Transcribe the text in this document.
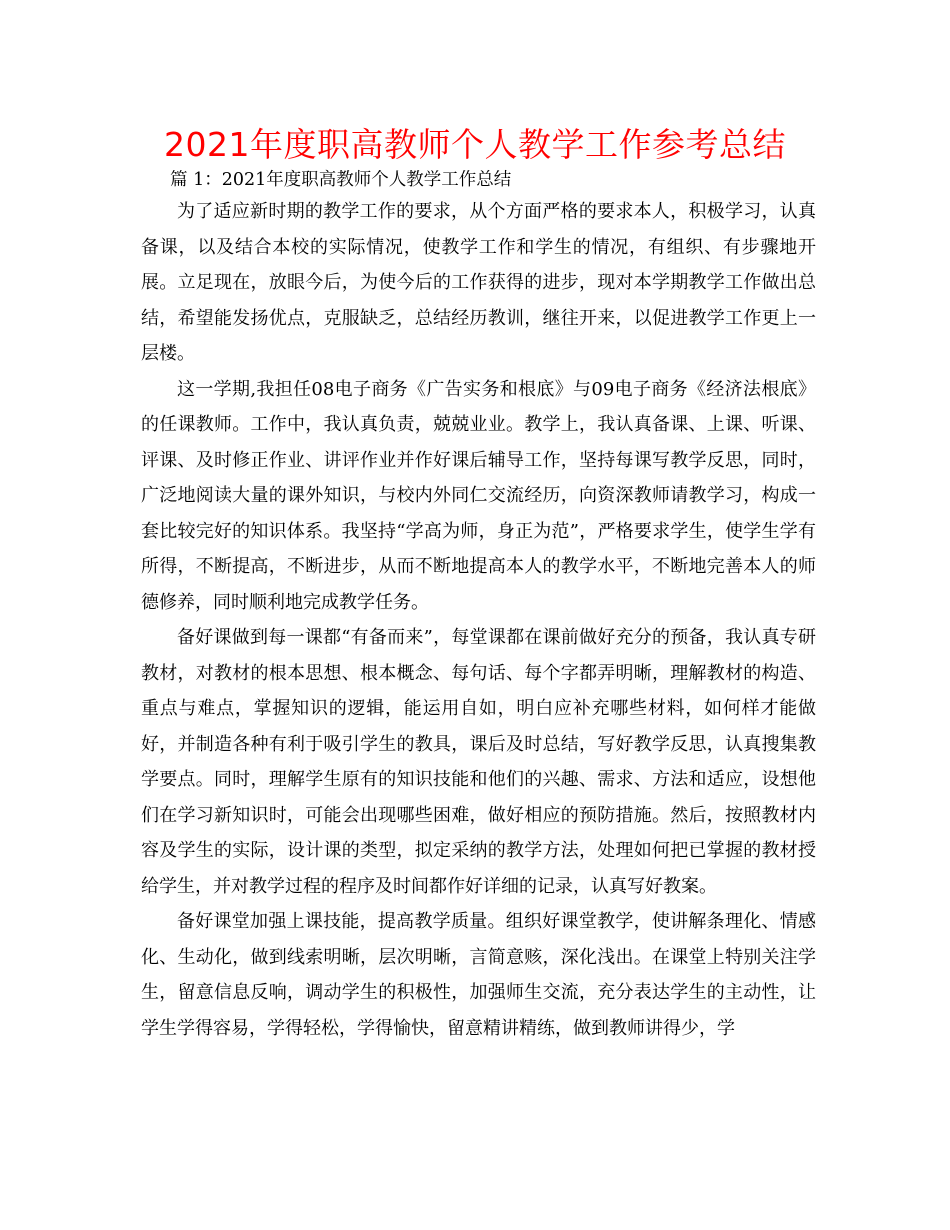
2021年度职高教师个人教学工作参考总结
篇 1：2021年度职高教师个人教学工作总结

为了适应新时期的教学工作的要求，从个方面严格的要求本人，积极学习，认真备课，以及结合本校的实际情况，使教学工作和学生的情况，有组织、有步骤地开展。立足现在，放眼今后，为使今后的工作获得的进步，现对本学期教学工作做出总结，希望能发扬优点，克服缺乏，总结经历教训，继往开来，以促进教学工作更上一层楼。

这一学期,我担任08电子商务《广告实务和根底》与09电子商务《经济法根底》的任课教师。工作中，我认真负责，兢兢业业。教学上，我认真备课、上课、听课、评课、及时修正作业、讲评作业并作好课后辅导工作，坚持每课写教学反思，同时，广泛地阅读大量的课外知识，与校内外同仁交流经历，向资深教师请教学习，构成一套比较完好的知识体系。我坚持“学高为师，身正为范”，严格要求学生，使学生学有所得，不断提高，不断进步，从而不断地提高本人的教学水平，不断地完善本人的师德修养，同时顺利地完成教学任务。

备好课做到每一课都“有备而来”，每堂课都在课前做好充分的预备，我认真专研教材，对教材的根本思想、根本概念、每句话、每个字都弄明晰，理解教材的构造、重点与难点，掌握知识的逻辑，能运用自如，明白应补充哪些材料，如何样才能做好，并制造各种有利于吸引学生的教具，课后及时总结，写好教学反思，认真搜集教学要点。同时，理解学生原有的知识技能和他们的兴趣、需求、方法和适应，设想他们在学习新知识时，可能会出现哪些困难，做好相应的预防措施。然后，按照教材内容及学生的实际，设计课的类型，拟定采纳的教学方法，处理如何把已掌握的教材授给学生，并对教学过程的程序及时间都作好详细的记录，认真写好教案。

备好课堂加强上课技能，提高教学质量。组织好课堂教学，使讲解条理化、情感化、生动化，做到线索明晰，层次明晰，言简意赅，深化浅出。在课堂上特别关注学生，留意信息反响，调动学生的积极性，加强师生交流，充分表达学生的主动性，让学生学得容易，学得轻松，学得愉快，留意精讲精练，做到教师讲得少，学
